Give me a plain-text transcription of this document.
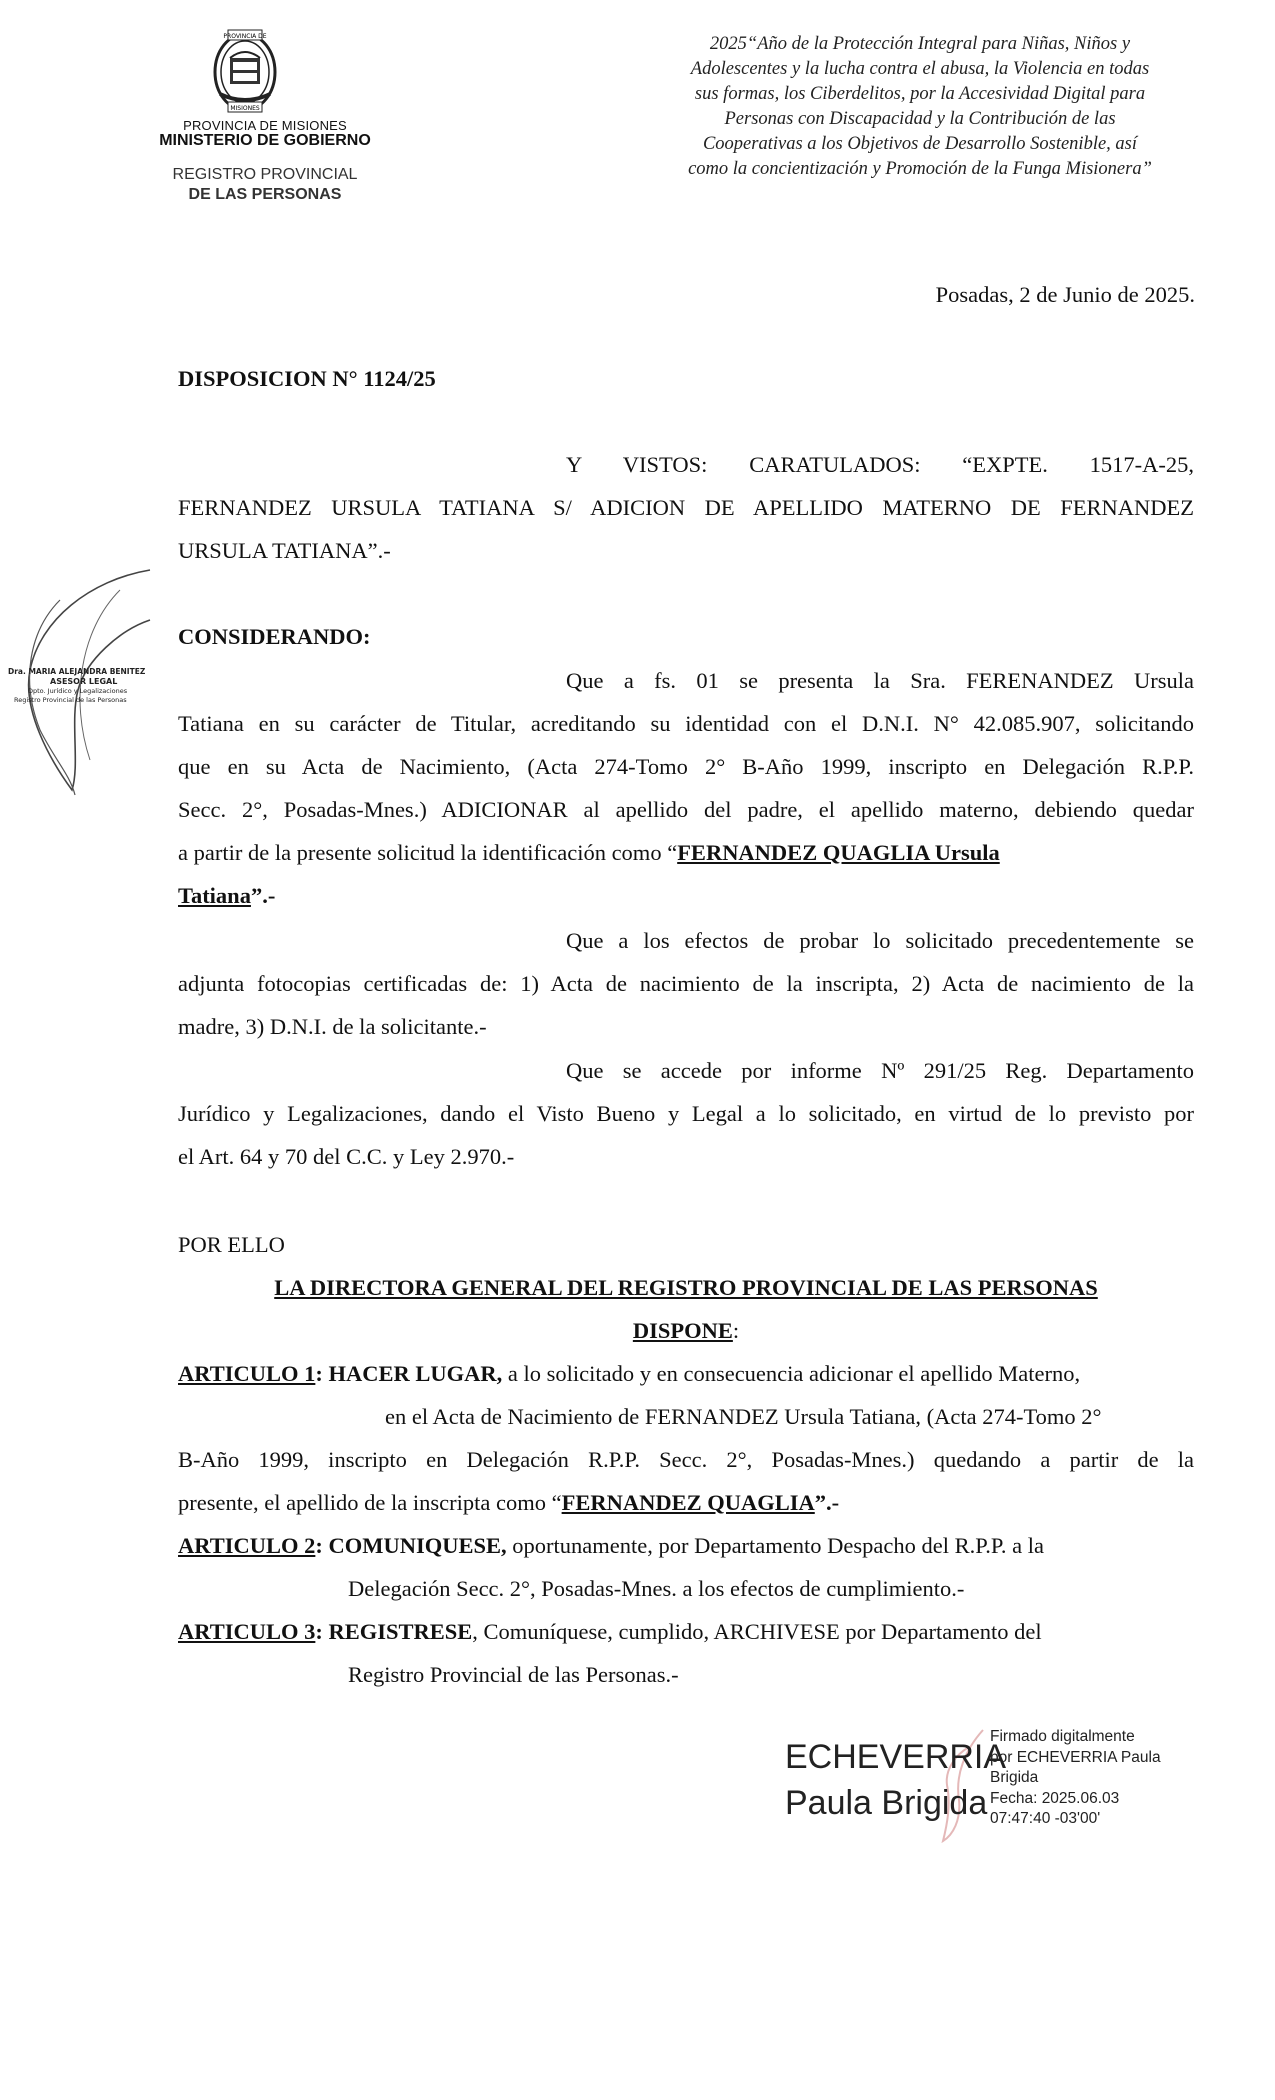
PROVINCIA DE
MISIONES
PROVINCIA DE MISIONES
MINISTERIO DE GOBIERNO
REGISTRO PROVINCIAL
DE LAS PERSONAS
2025“Año de la Protección Integral para Niñas, Niños y
Adolescentes y la lucha contra el abusa, la Violencia en todas
sus formas, los Ciberdelitos, por la Accesividad Digital para
Personas con Discapacidad y la Contribución de las
Cooperativas a los Objetivos de Desarrollo Sostenible, así
como la concientización y Promoción de la Funga Misionera”
Posadas, 2 de Junio de 2025.
DISPOSICION N° 1124/25
Y VISTOS: CARATULADOS: “EXPTE. 1517-A-25,
FERNANDEZ URSULA TATIANA S/ ADICION DE APELLIDO MATERNO DE FERNANDEZ
URSULA TATIANA”.-
Dra. MARIA ALEJANDRA BENITEZ
ASESOR LEGAL
Dpto. Jurídico y Legalizaciones
Registro Provincial de las Personas
CONSIDERANDO:
Que a fs. 01 se presenta la Sra. FERENANDEZ Ursula
Tatiana en su carácter de Titular, acreditando su identidad con el D.N.I. N° 42.085.907, solicitando
que en su Acta de Nacimiento, (Acta 274-Tomo 2° B-Año 1999, inscripto en Delegación R.P.P.
Secc. 2°, Posadas-Mnes.) ADICIONAR al apellido del padre, el apellido materno, debiendo quedar
a partir de la presente solicitud la identificación como “FERNANDEZ QUAGLIA Ursula
Tatiana”.-
Que a los efectos de probar lo solicitado precedentemente se
adjunta fotocopias certificadas de: 1) Acta de nacimiento de la inscripta, 2) Acta de nacimiento de la
madre, 3) D.N.I. de la solicitante.-
Que se accede por informe Nº 291/25 Reg. Departamento
Jurídico y Legalizaciones, dando el Visto Bueno y Legal a lo solicitado, en virtud de lo previsto por
el Art. 64 y 70 del C.C. y Ley 2.970.-
POR ELLO
LA DIRECTORA GENERAL DEL REGISTRO PROVINCIAL DE LAS PERSONAS
DISPONE:
ARTICULO 1: HACER LUGAR, a lo solicitado y en consecuencia adicionar el apellido Materno,
en el Acta de Nacimiento de FERNANDEZ Ursula Tatiana, (Acta 274-Tomo 2°
B-Año 1999, inscripto en Delegación R.P.P. Secc. 2°, Posadas-Mnes.) quedando a partir de la
presente, el apellido de la inscripta como “FERNANDEZ QUAGLIA”.-
ARTICULO 2: COMUNIQUESE, oportunamente, por Departamento Despacho del R.P.P. a la
Delegación Secc. 2°, Posadas-Mnes. a los efectos de cumplimiento.-
ARTICULO 3: REGISTRESE, Comuníquese, cumplido, ARCHIVESE por Departamento del
Registro Provincial de las Personas.-
ECHEVERRIA
Paula Brigida
Firmado digitalmente
por ECHEVERRIA Paula
Brigida
Fecha: 2025.06.03
07:47:40 -03'00'
